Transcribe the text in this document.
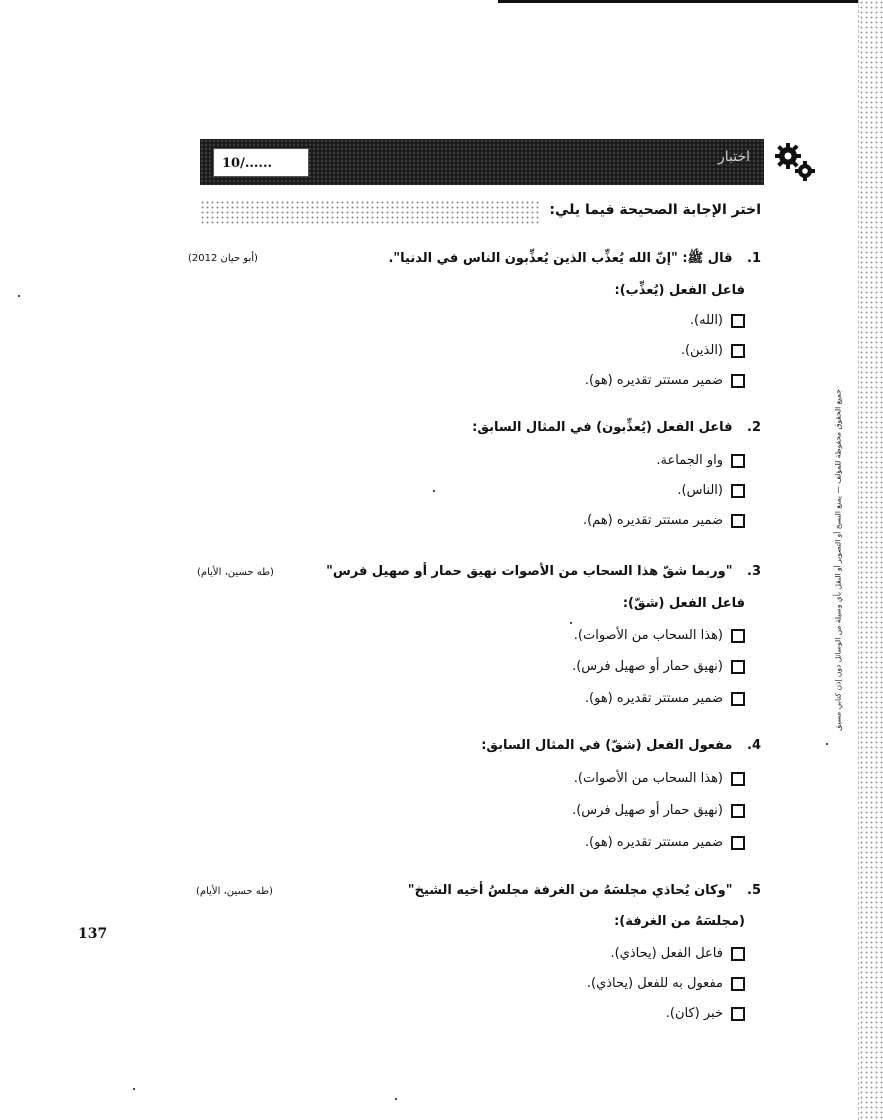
جميع الحقوق محفوظة للمؤلف — يمنع النسخ أو التصوير أو النقل بأي وسيلة من الوسائل دون إذن كتابي مسبق
10/......	اختبار
اختر الإجابة الصحيحة فيما يلي:
1. قال ﷺ: "إنّ الله يُعذِّب الذين يُعذِّبون الناس في الدنيا".
(أبو حيان 2012)
فاعل الفعل (يُعذِّب):
(الله).
(الذين).
ضمير مستتر تقديره (هو).
2. فاعل الفعل (يُعذِّبون) في المثال السابق:
واو الجماعة.
(الناس).
ضمير مستتر تقديره (هم).
3. "وربما شقّ هذا السحاب من الأصوات نهيق حمار أو صهيل فرس"
(طه حسين، الأيام)
فاعل الفعل (شقّ):
(هذا السحاب من الأصوات).
(نهيق حمار أو صهيل فرس).
ضمير مستتر تقديره (هو).
4. مفعول الفعل (شقّ) في المثال السابق:
(هذا السحاب من الأصوات).
(نهيق حمار أو صهيل فرس).
ضمير مستتر تقديره (هو).
5. "وكان يُحاذي مجلسَهُ من الغرفة مجلسُ أخيه الشيخ"
(طه حسين، الأيام)
(مجلسَهُ من الغرفة):
فاعل الفعل (يحاذي).
مفعول به للفعل (يحاذي).
خبر (كان).
137
